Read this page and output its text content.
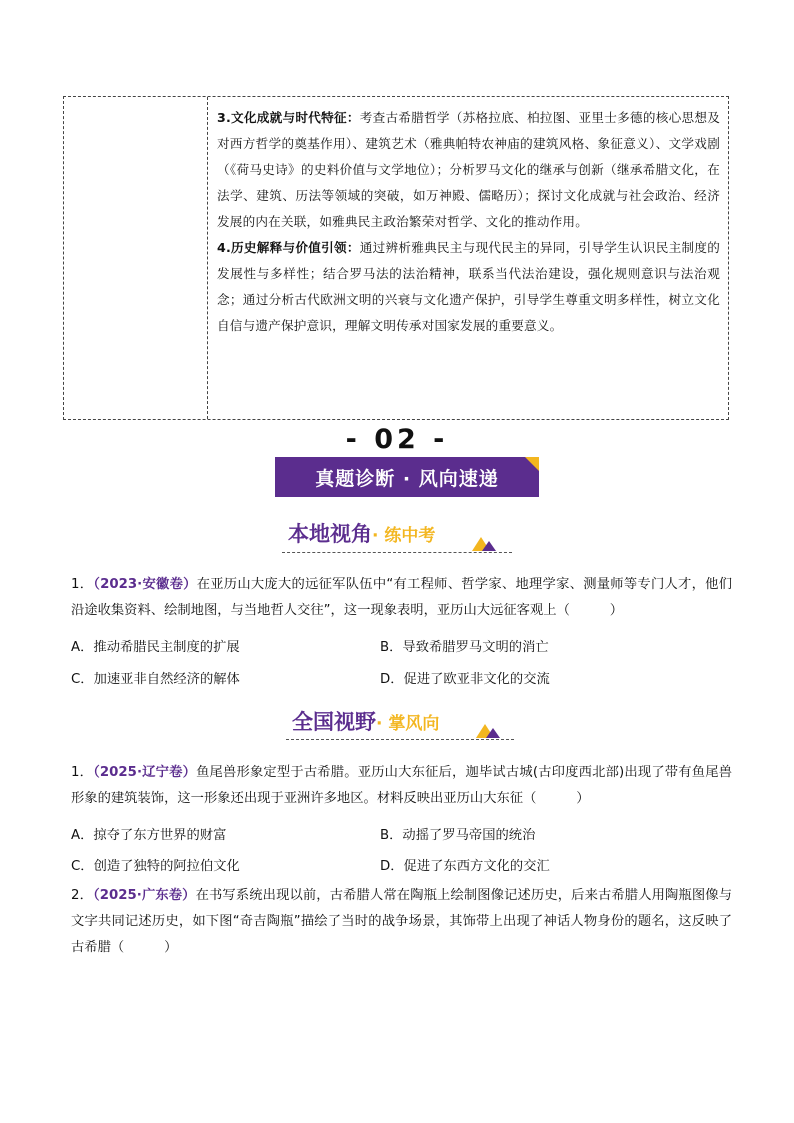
3.文化成就与时代特征：考查古希腊哲学（苏格拉底、柏拉图、亚里士多德的核心思想及对西方哲学的奠基作用）、建筑艺术（雅典帕特农神庙的建筑风格、象征意义）、文学戏剧（《荷马史诗》的史料价值与文学地位）；分析罗马文化的继承与创新（继承希腊文化，在法学、建筑、历法等领域的突破，如万神殿、儒略历）；探讨文化成就与社会政治、经济发展的内在关联，如雅典民主政治繁荣对哲学、文化的推动作用。

4.历史解释与价值引领：通过辨析雅典民主与现代民主的异同，引导学生认识民主制度的发展性与多样性；结合罗马法的法治精神，联系当代法治建设，强化规则意识与法治观念；通过分析古代欧洲文明的兴衰与文化遗产保护，引导学生尊重文明多样性，树立文化自信与遗产保护意识，理解文明传承对国家发展的重要意义。

- 02 -
真题诊断 · 风向速递
本地视角· 练中考
1．（2023·安徽卷）在亚历山大庞大的远征军队伍中“有工程师、哲学家、地理学家、测量师等专门人才，他们沿途收集资料、绘制地图，与当地哲人交往”，这一现象表明，亚历山大远征客观上（　　　）
A．推动希腊民主制度的扩展	B．导致希腊罗马文明的消亡
C．加速亚非自然经济的解体	D．促进了欧亚非文化的交流
全国视野· 掌风向
1．（2025·辽宁卷）鱼尾兽形象定型于古希腊。亚历山大东征后，迦毕试古城(古印度西北部)出现了带有鱼尾兽形象的建筑装饰，这一形象还出现于亚洲许多地区。材料反映出亚历山大东征（　　　）
A．掠夺了东方世界的财富	B．动摇了罗马帝国的统治
C．创造了独特的阿拉伯文化	D．促进了东西方文化的交汇
2．（2025·广东卷）在书写系统出现以前，古希腊人常在陶瓶上绘制图像记述历史，后来古希腊人用陶瓶图像与文字共同记述历史，如下图“奇吉陶瓶”描绘了当时的战争场景，其饰带上出现了神话人物身份的题名，这反映了古希腊（　　　）
